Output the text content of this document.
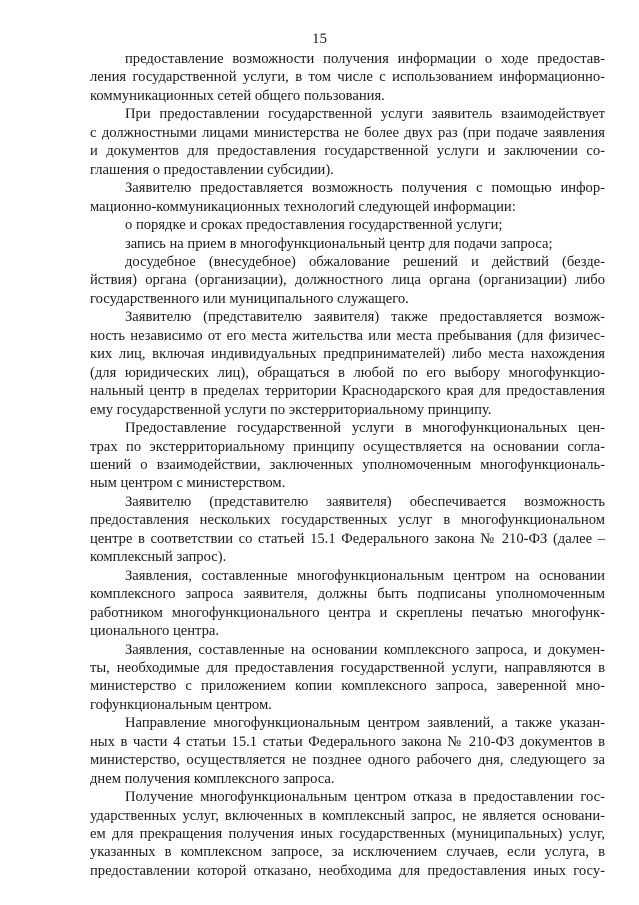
15
предоставление возможности получения информации о ходе предостав-
ления государственной услуги, в том числе с использованием информационно-
коммуникационных сетей общего пользования.
При предоставлении государственной услуги заявитель взаимодействует
с должностными лицами министерства не более двух раз (при подаче заявления
и документов для предоставления государственной услуги и заключении со-
глашения о предоставлении субсидии).
Заявителю предоставляется возможность получения с помощью инфор-
мационно-коммуникационных технологий следующей информации:
о порядке и сроках предоставления государственной услуги;
запись на прием в многофункциональный центр для подачи запроса;
досудебное (внесудебное) обжалование решений и действий (безде-
йствия) органа (организации), должностного лица органа (организации) либо
государственного или муниципального служащего.
Заявителю (представителю заявителя) также предоставляется возмож-
ность независимо от его места жительства или места пребывания (для физичес-
ких лиц, включая индивидуальных предпринимателей) либо места нахождения
(для юридических лиц), обращаться в любой по его выбору многофункцио-
нальный центр в пределах территории Краснодарского края для предоставления
ему государственной услуги по экстерриториальному принципу.
Предоставление государственной услуги в многофункциональных цен-
трах по экстерриториальному принципу осуществляется на основании согла-
шений о взаимодействии, заключенных уполномоченным многофункциональ-
ным центром с министерством.
Заявителю (представителю заявителя) обеспечивается возможность
предоставления нескольких государственных услуг в многофункциональном
центре в соответствии со статьей 15.1 Федерального закона № 210-ФЗ (далее –
комплексный запрос).
Заявления, составленные многофункциональным центром на основании
комплексного запроса заявителя, должны быть подписаны уполномоченным
работником многофункционального центра и скреплены печатью многофунк-
ционального центра.
Заявления, составленные на основании комплексного запроса, и докумен-
ты, необходимые для предоставления государственной услуги, направляются в
министерство с приложением копии комплексного запроса, заверенной мно-
гофункциональным центром.
Направление многофункциональным центром заявлений, а также указан-
ных в части 4 статьи 15.1 статьи Федерального закона № 210-ФЗ документов в
министерство, осуществляется не позднее одного рабочего дня, следующего за
днем получения комплексного запроса.
Получение многофункциональным центром отказа в предоставлении гос-
ударственных услуг, включенных в комплексный запрос, не является основани-
ем для прекращения получения иных государственных (муниципальных) услуг,
указанных в комплексном запросе, за исключением случаев, если услуга, в
предоставлении которой отказано, необходима для предоставления иных госу-
